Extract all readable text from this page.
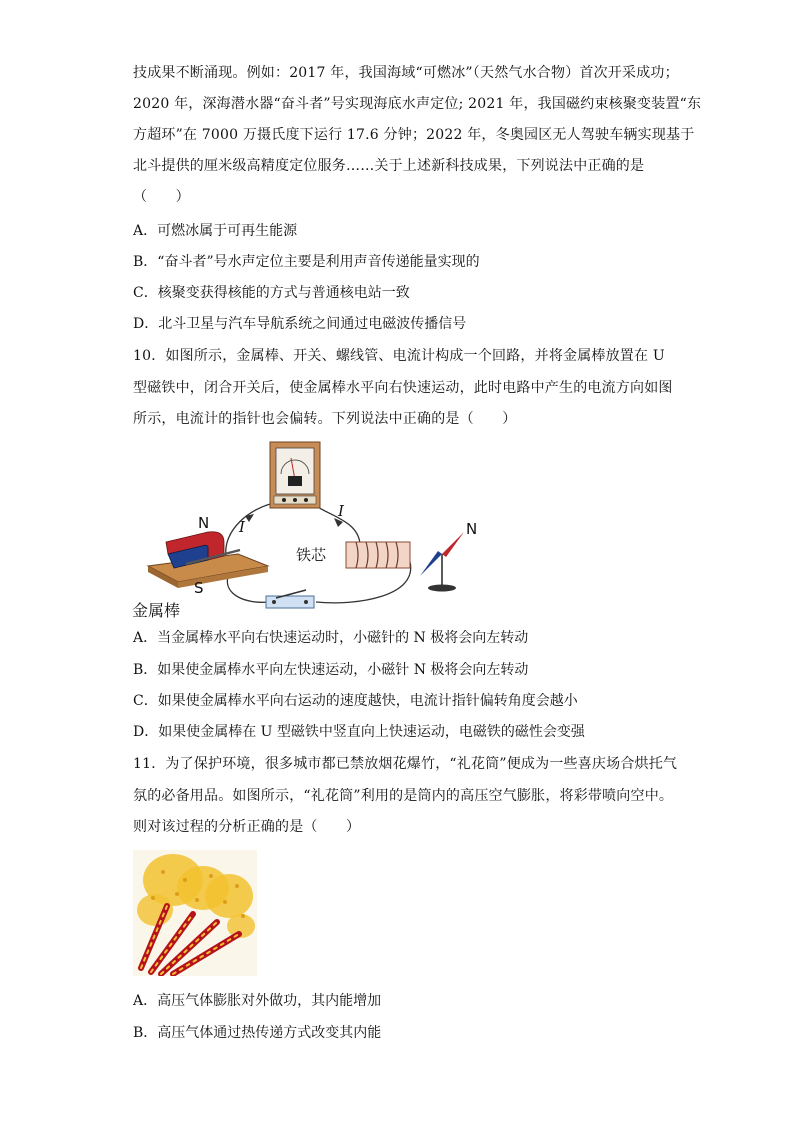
技成果不断涌现。例如：2017 年，我国海域“可燃冰”（天然气水合物）首次开采成功；
2020 年，深海潜水器“奋斗者”号实现海底水声定位; 2021 年，我国磁约束核聚变装置“东
方超环”在 7000 万摄氏度下运行 17.6 分钟；2022 年，冬奥园区无人驾驶车辆实现基于
北斗提供的厘米级高精度定位服务……关于上述新科技成果，下列说法中正确的是
（　　）
A．可燃冰属于可再生能源
B．“奋斗者”号水声定位主要是利用声音传递能量实现的
C．核聚变获得核能的方式与普通核电站一致
D．北斗卫星与汽车导航系统之间通过电磁波传播信号
10．如图所示，金属棒、开关、螺线管、电流计构成一个回路，并将金属棒放置在 U
型磁铁中，闭合开关后，使金属棒水平向右快速运动，此时电路中产生的电流方向如图
所示，电流计的指针也会偏转。下列说法中正确的是（　　）
N
S
I
I
铁芯
N
金属棒
A．当金属棒水平向右快速运动时，小磁针的 N 极将会向左转动
B．如果使金属棒水平向左快速运动，小磁针 N 极将会向左转动
C．如果使金属棒水平向右运动的速度越快，电流计指针偏转角度会越小
D．如果使金属棒在 U 型磁铁中竖直向上快速运动，电磁铁的磁性会变强
11．为了保护环境，很多城市都已禁放烟花爆竹，“礼花筒”便成为一些喜庆场合烘托气
氛的必备用品。如图所示，“礼花筒”利用的是筒内的高压空气膨胀，将彩带喷向空中。
则对该过程的分析正确的是（　　）
A．高压气体膨胀对外做功，其内能增加
B．高压气体通过热传递方式改变其内能
